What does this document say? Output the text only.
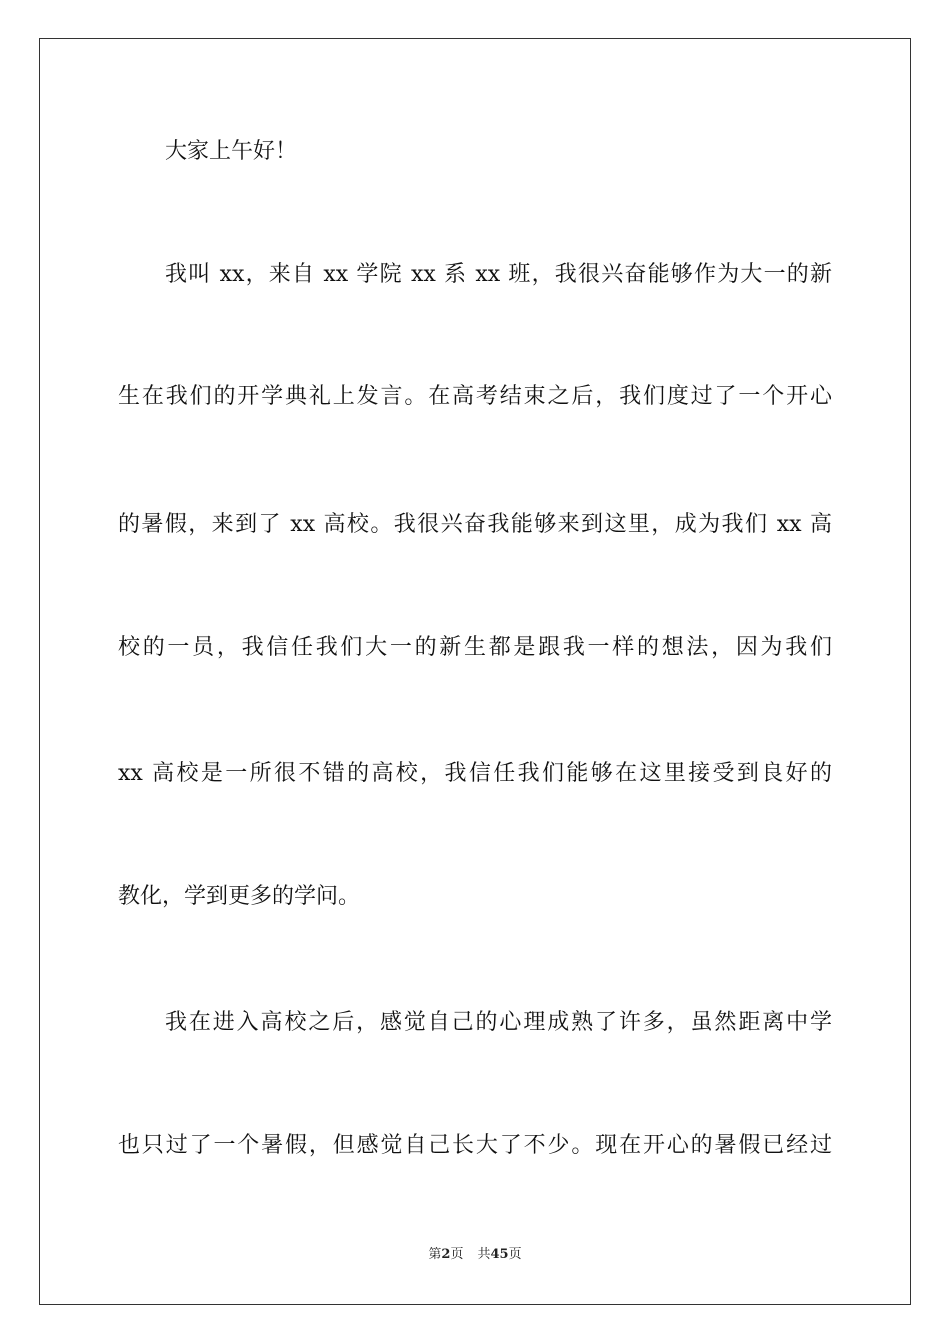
大家上午好！
我叫 xx，来自 xx 学院 xx 系 xx 班，我很兴奋能够作为大一的新
生在我们的开学典礼上发言。在高考结束之后，我们度过了一个开心
的暑假，来到了 xx 高校。我很兴奋我能够来到这里，成为我们 xx 高
校的一员，我信任我们大一的新生都是跟我一样的想法，因为我们
xx 高校是一所很不错的高校，我信任我们能够在这里接受到良好的
教化，学到更多的学问。
我在进入高校之后，感觉自己的心理成熟了许多，虽然距离中学
也只过了一个暑假，但感觉自己长大了不少。现在开心的暑假已经过
第2页 共45页
